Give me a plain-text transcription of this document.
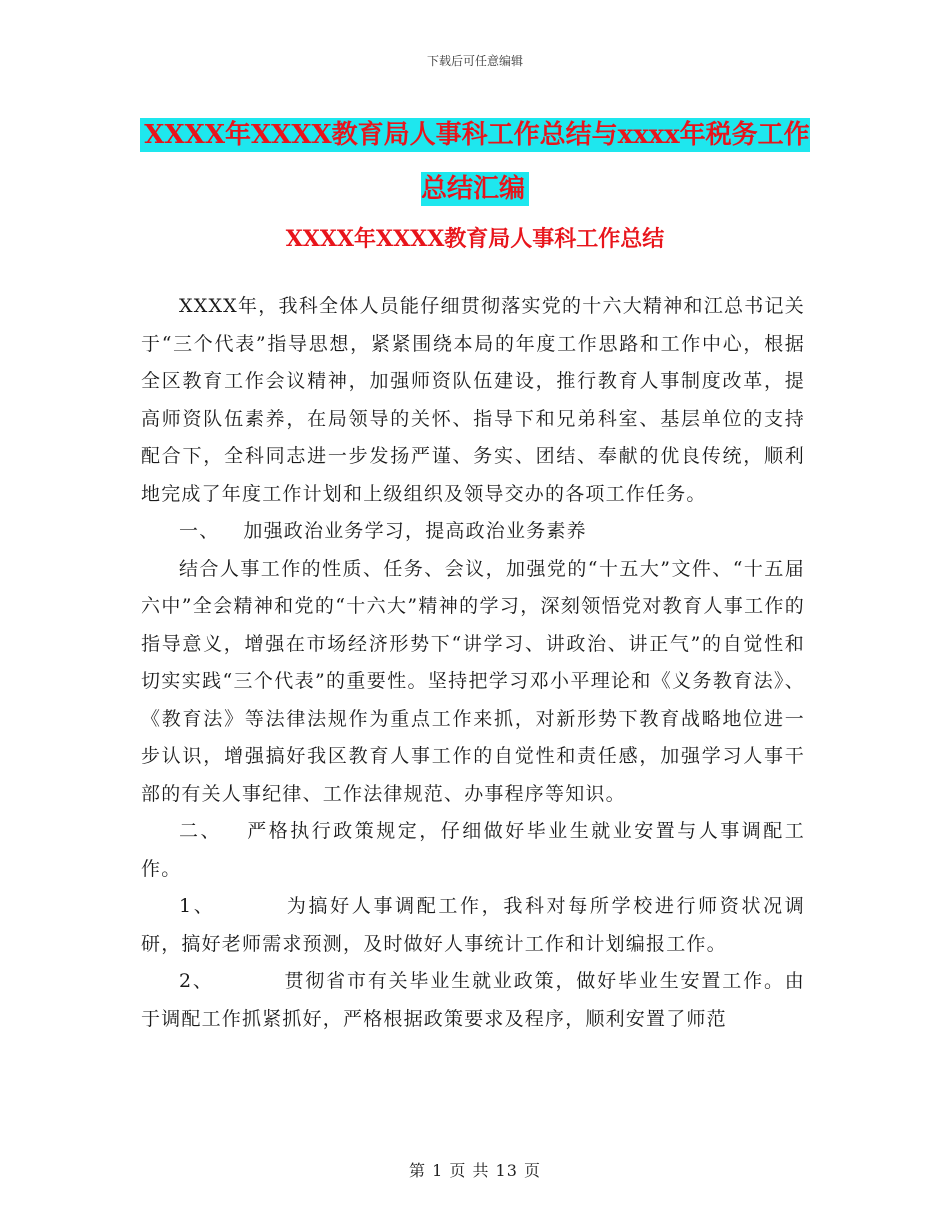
下载后可任意编辑
XXXX年XXXX教育局人事科工作总结与xxxx年税务工作总结汇编
XXXX年XXXX教育局人事科工作总结

XXXX年，我科全体人员能仔细贯彻落实党的十六大精神和江总书记关于“三个代表”指导思想，紧紧围绕本局的年度工作思路和工作中心，根据全区教育工作会议精神，加强师资队伍建设，推行教育人事制度改革，提高师资队伍素养，在局领导的关怀、指导下和兄弟科室、基层单位的支持配合下，全科同志进一步发扬严谨、务实、团结、奉献的优良传统，顺利地完成了年度工作计划和上级组织及领导交办的各项工作任务。

一、 加强政治业务学习，提高政治业务素养

结合人事工作的性质、任务、会议，加强党的“十五大”文件、“十五届六中”全会精神和党的“十六大”精神的学习，深刻领悟党对教育人事工作的指导意义，增强在市场经济形势下“讲学习、讲政治、讲正气”的自觉性和切实实践“三个代表”的重要性。坚持把学习邓小平理论和《义务教育法》、《教育法》等法律法规作为重点工作来抓，对新形势下教育战略地位进一步认识，增强搞好我区教育人事工作的自觉性和责任感，加强学习人事干部的有关人事纪律、工作法律规范、办事程序等知识。

二、 严格执行政策规定，仔细做好毕业生就业安置与人事调配工作。

1、	为搞好人事调配工作，我科对每所学校进行师资状况调研，搞好老师需求预测，及时做好人事统计工作和计划编报工作。

2、	贯彻省市有关毕业生就业政策，做好毕业生安置工作。由于调配工作抓紧抓好，严格根据政策要求及程序，顺利安置了师范

第 1 页 共 13 页
